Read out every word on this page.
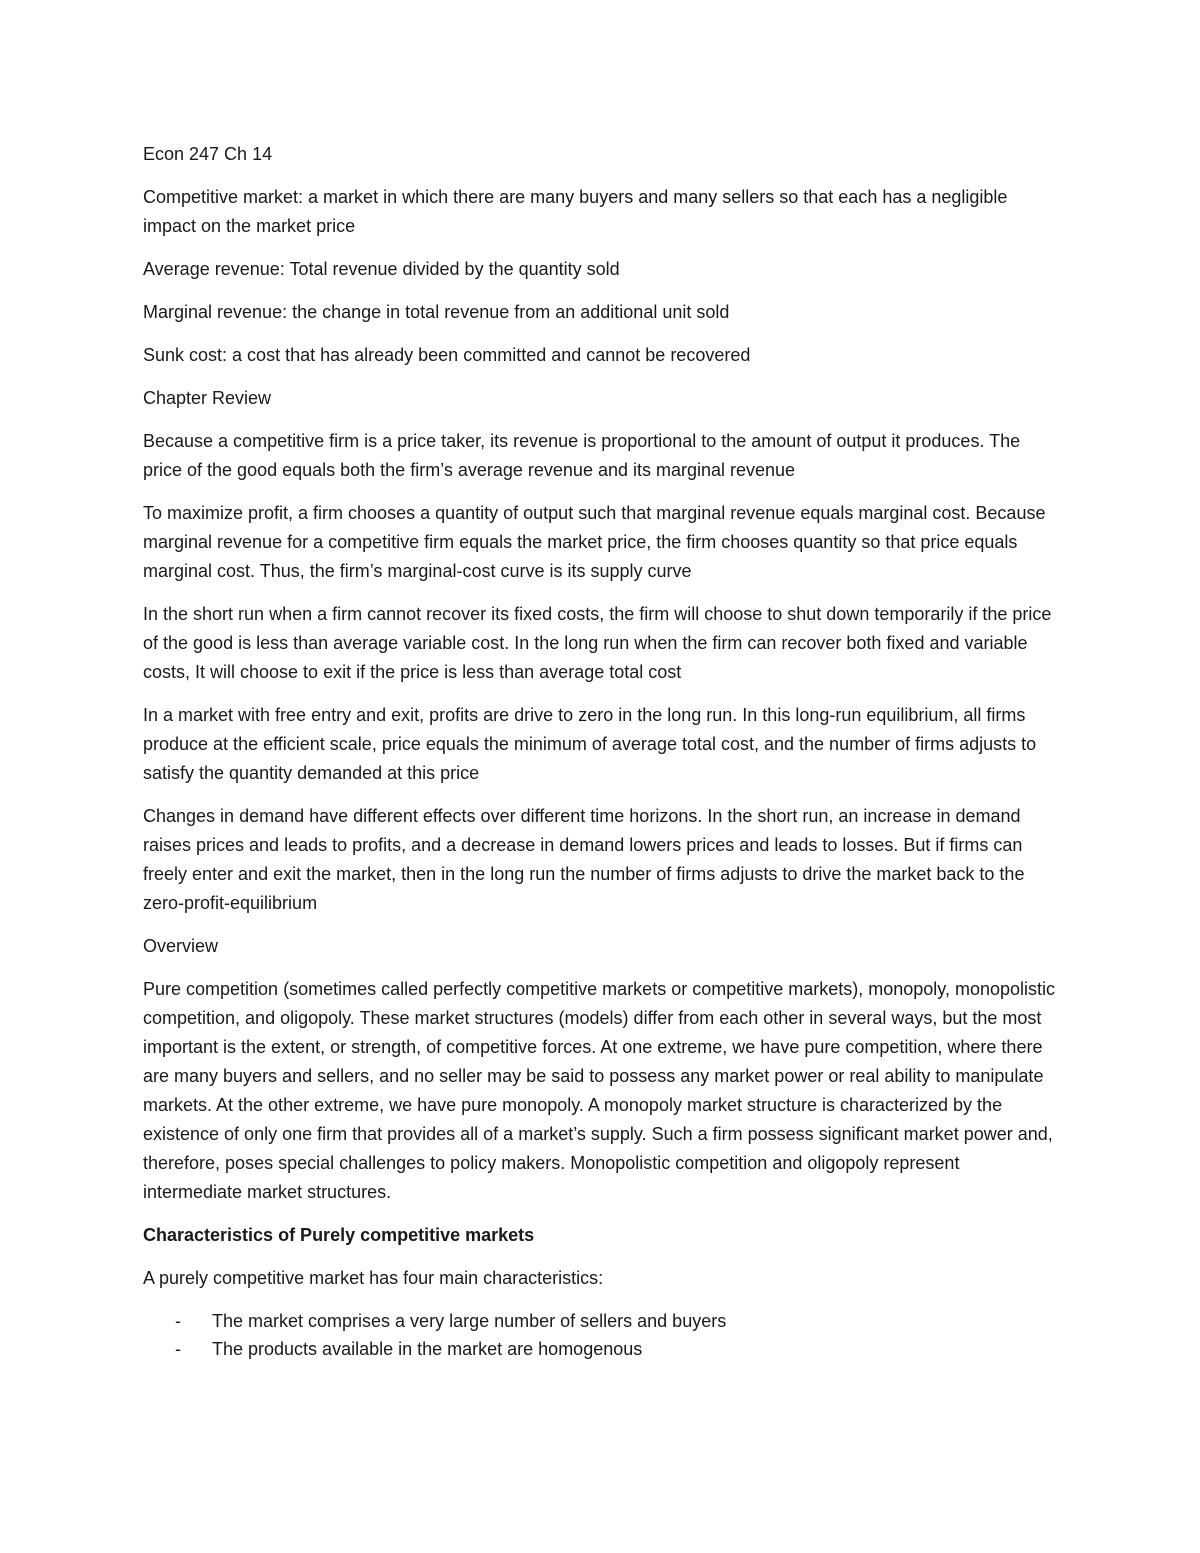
Econ 247 Ch 14
Competitive market: a market in which there are many buyers and many sellers so that each has a negligible impact on the market price
Average revenue: Total revenue divided by the quantity sold
Marginal revenue: the change in total revenue from an additional unit sold
Sunk cost: a cost that has already been committed and cannot be recovered
Chapter Review
Because a competitive firm is a price taker, its revenue is proportional to the amount of output it produces. The price of the good equals both the firm’s average revenue and its marginal revenue
To maximize profit, a firm chooses a quantity of output such that marginal revenue equals marginal cost. Because marginal revenue for a competitive firm equals the market price, the firm chooses quantity so that price equals marginal cost. Thus, the firm’s marginal-cost curve is its supply curve
In the short run when a firm cannot recover its fixed costs, the firm will choose to shut down temporarily if the price of the good is less than average variable cost. In the long run when the firm can recover both fixed and variable costs, It will choose to exit if the price is less than average total cost
In a market with free entry and exit, profits are drive to zero in the long run. In this long-run equilibrium, all firms produce at the efficient scale, price equals the minimum of average total cost, and the number of firms adjusts to satisfy the quantity demanded at this price
Changes in demand have different effects over different time horizons. In the short run, an increase in demand raises prices and leads to profits, and a decrease in demand lowers prices and leads to losses. But if firms can freely enter and exit the market, then in the long run the number of firms adjusts to drive the market back to the zero-profit-equilibrium
Overview
Pure competition (sometimes called perfectly competitive markets or competitive markets), monopoly, monopolistic competition, and oligopoly. These market structures (models) differ from each other in several ways, but the most important is the extent, or strength, of competitive forces. At one extreme, we have pure competition, where there are many buyers and sellers, and no seller may be said to possess any market power or real ability to manipulate markets. At the other extreme, we have pure monopoly. A monopoly market structure is characterized by the existence of only one firm that provides all of a market’s supply. Such a firm possess significant market power and, therefore, poses special challenges to policy makers. Monopolistic competition and oligopoly represent intermediate market structures.
Characteristics of Purely competitive markets
A purely competitive market has four main characteristics:
- The market comprises a very large number of sellers and buyers
- The products available in the market are homogenous
